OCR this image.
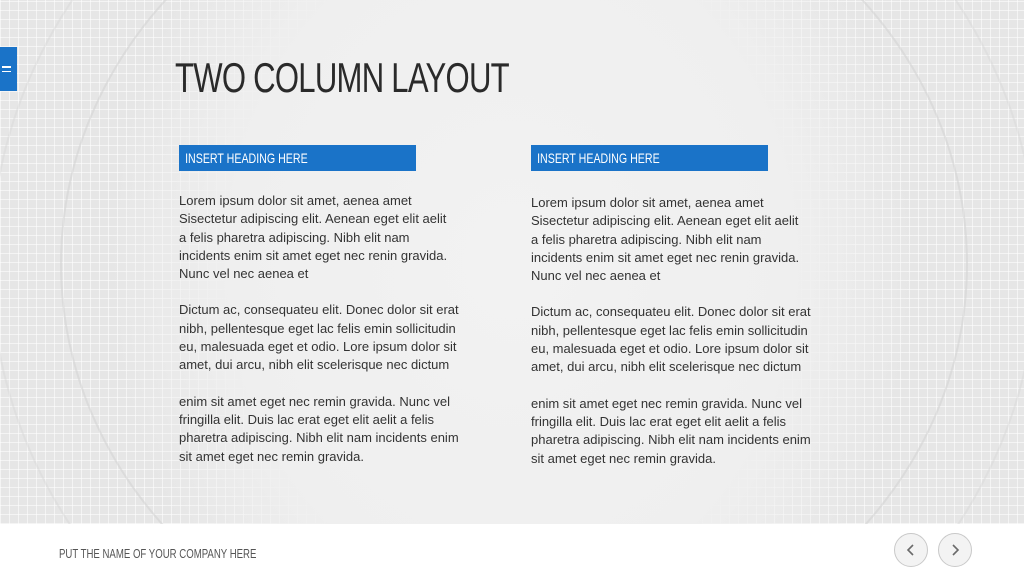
TWO COLUMN LAYOUT
INSERT HEADING HERE

Lorem ipsum dolor sit amet, aenea amet
Sisectetur adipiscing elit. Aenean eget elit aelit
a felis pharetra adipiscing. Nibh elit nam
incidents enim sit amet eget nec renin gravida.
Nunc vel nec aenea et

Dictum ac, consequateu elit. Donec dolor sit erat
nibh, pellentesque eget lac felis emin sollicitudin
eu, malesuada eget et odio. Lore ipsum dolor sit
amet, dui arcu, nibh elit scelerisque nec dictum

enim sit amet eget nec remin gravida. Nunc vel
fringilla elit. Duis lac erat eget elit aelit a felis
pharetra adipiscing. Nibh elit nam incidents enim
sit amet eget nec remin gravida.

INSERT HEADING HERE

Lorem ipsum dolor sit amet, aenea amet
Sisectetur adipiscing elit. Aenean eget elit aelit
a felis pharetra adipiscing. Nibh elit nam
incidents enim sit amet eget nec renin gravida.
Nunc vel nec aenea et

Dictum ac, consequateu elit. Donec dolor sit erat
nibh, pellentesque eget lac felis emin sollicitudin
eu, malesuada eget et odio. Lore ipsum dolor sit
amet, dui arcu, nibh elit scelerisque nec dictum

enim sit amet eget nec remin gravida. Nunc vel
fringilla elit. Duis lac erat eget elit aelit a felis
pharetra adipiscing. Nibh elit nam incidents enim
sit amet eget nec remin gravida.

PUT THE NAME OF YOUR COMPANY HERE
